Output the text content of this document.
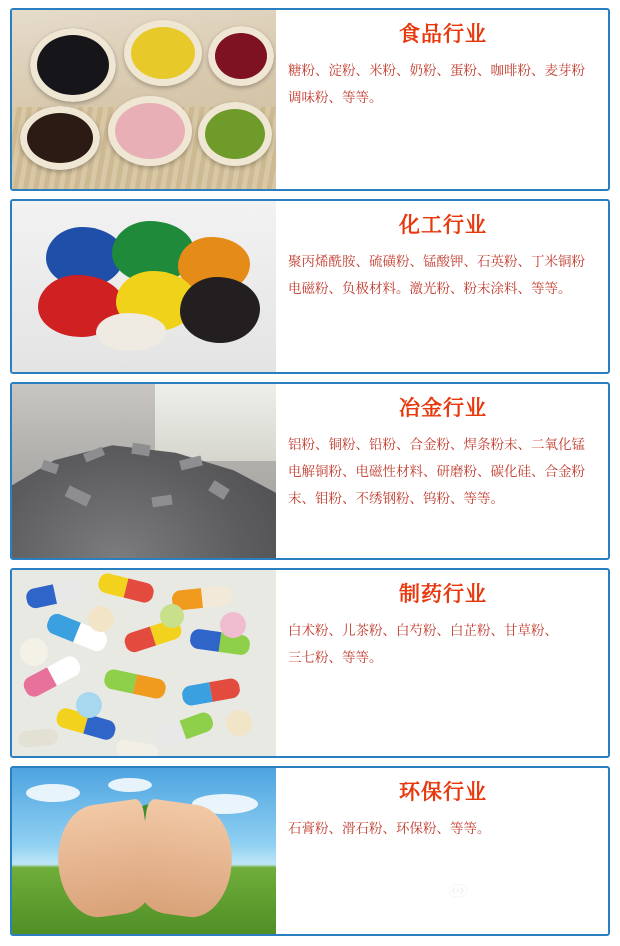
食品行业
糖粉、淀粉、米粉、奶粉、蛋粉、咖啡粉、麦芽粉
调味粉、等等。
化工行业
聚丙烯酰胺、硫磺粉、锰酸钾、石英粉、丁米铜粉
电磁粉、负极材料。激光粉、粉末涂料、等等。
冶金行业
铝粉、铜粉、铅粉、合金粉、焊条粉末、二氧化锰
电解铜粉、电磁性材料、研磨粉、碳化硅、合金粉
末、钼粉、不绣钢粉、钨粉、等等。
制药行业
白术粉、儿茶粉、白芍粉、白芷粉、甘草粉、
三七粉、等等。
环保行业
石膏粉、滑石粉、环保粉、等等。
⚭ 大汉机械
DAHAN 0373-2682333
